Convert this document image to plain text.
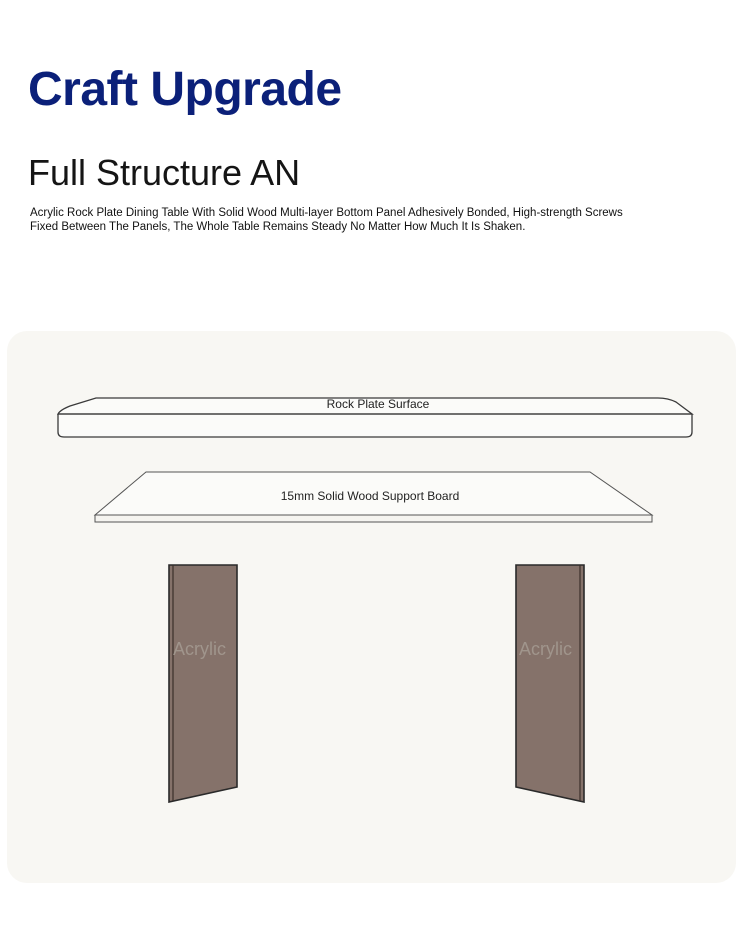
Craft Upgrade
Full Structure AN

Acrylic Rock Plate Dining Table With Solid Wood Multi-layer Bottom Panel Adhesively Bonded, High-strength Screws Fixed Between The Panels, The Whole Table Remains Steady No Matter How Much It Is Shaken.

Rock Plate Surface
15mm Solid Wood Support Board
Acrylic	Acrylic
